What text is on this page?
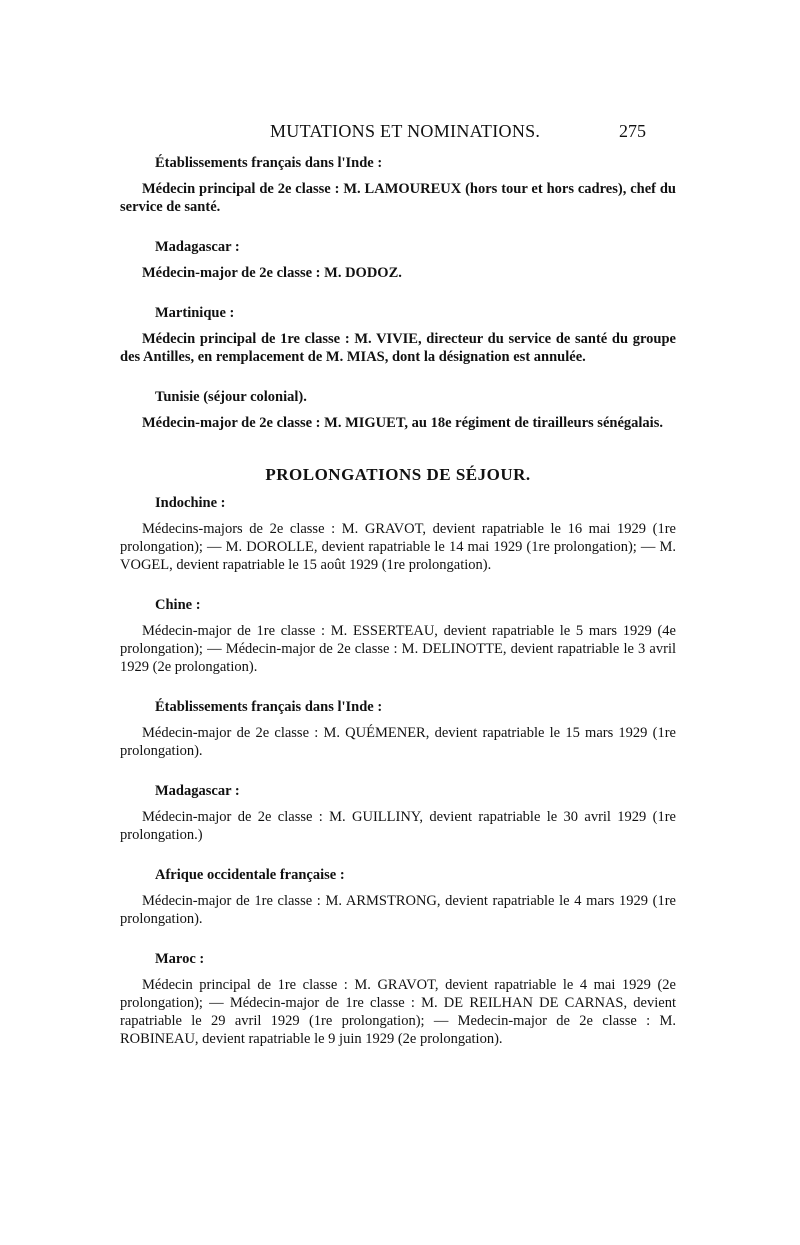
MUTATIONS ET NOMINATIONS.	275

Établissements français dans l'Inde :

Médecin principal de 2e classe : M. LAMOUREUX (hors tour et hors cadres), chef du service de santé.

Madagascar :

Médecin-major de 2e classe : M. DODOZ.

Martinique :

Médecin principal de 1re classe : M. VIVIE, directeur du service de santé du groupe des Antilles, en remplacement de M. MIAS, dont la désignation est annulée.

Tunisie (séjour colonial).

Médecin-major de 2e classe : M. MIGUET, au 18e régiment de tirailleurs sénégalais.

PROLONGATIONS DE SÉJOUR.

Indochine :

Médecins-majors de 2e classe : M. GRAVOT, devient rapatriable le 16 mai 1929 (1re prolongation); — M. DOROLLE, devient rapatriable le 14 mai 1929 (1re prolongation); — M. VOGEL, devient rapatriable le 15 août 1929 (1re prolongation).

Chine :

Médecin-major de 1re classe : M. ESSERTEAU, devient rapatriable le 5 mars 1929 (4e prolongation); — Médecin-major de 2e classe : M. DELINOTTE, devient rapatriable le 3 avril 1929 (2e prolongation).

Établissements français dans l'Inde :

Médecin-major de 2e classe : M. QUÉMENER, devient rapatriable le 15 mars 1929 (1re prolongation).

Madagascar :

Médecin-major de 2e classe : M. GUILLINY, devient rapatriable le 30 avril 1929 (1re prolongation.)

Afrique occidentale française :

Médecin-major de 1re classe : M. ARMSTRONG, devient rapatriable le 4 mars 1929 (1re prolongation).

Maroc :

Médecin principal de 1re classe : M. GRAVOT, devient rapatriable le 4 mai 1929 (2e prolongation); — Médecin-major de 1re classe : M. DE REILHAN DE CARNAS, devient rapatriable le 29 avril 1929 (1re prolongation); — Medecin-major de 2e classe : M. ROBINEAU, devient rapatriable le 9 juin 1929 (2e prolongation).
